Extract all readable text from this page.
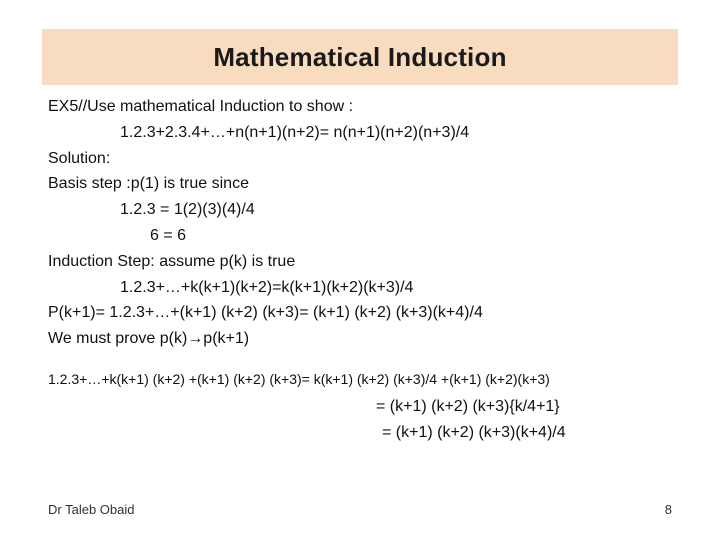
Mathematical Induction
EX5//Use mathematical Induction to show :
1.2.3+2.3.4+…+n(n+1)(n+2)= n(n+1)(n+2)(n+3)/4
Solution:
Basis step :p(1) is true since
1.2.3 = 1(2)(3)(4)/4
6 = 6
Induction Step: assume p(k) is true
1.2.3+…+k(k+1)(k+2)=k(k+1)(k+2)(k+3)/4
P(k+1)= 1.2.3+…+(k+1) (k+2) (k+3)= (k+1) (k+2) (k+3)(k+4)/4
We must prove p(k)→p(k+1)
1.2.3+…+k(k+1) (k+2) +(k+1) (k+2) (k+3)= k(k+1) (k+2) (k+3)/4 +(k+1) (k+2)(k+3)
= (k+1) (k+2) (k+3){k/4+1}
= (k+1) (k+2) (k+3)(k+4)/4
Dr Taleb Obaid	8
